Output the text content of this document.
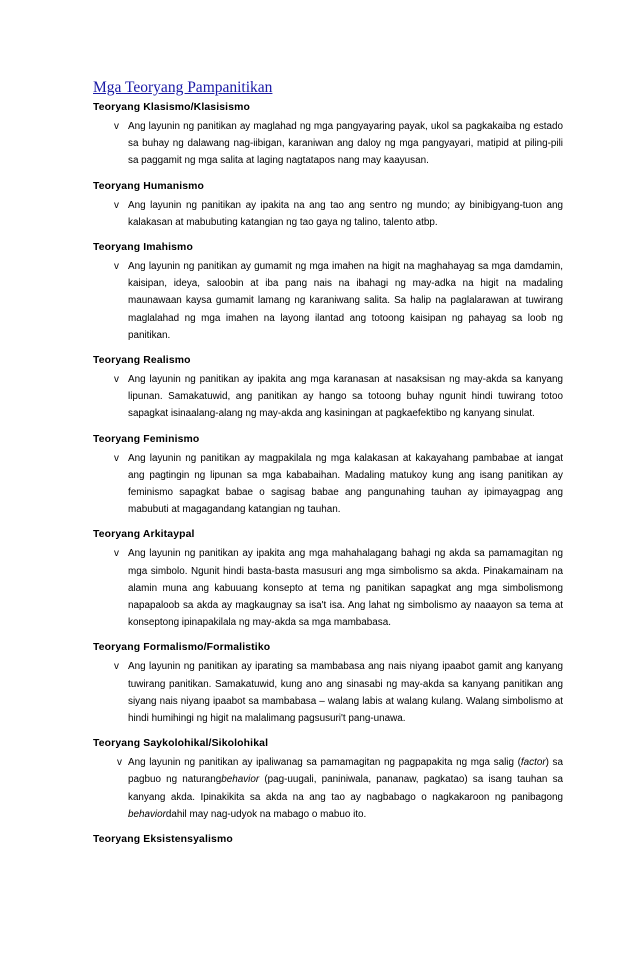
Mga Teoryang Pampanitikan
Teoryang Klasismo/Klasisismo
v Ang layunin ng panitikan ay maglahad ng mga pangyayaring payak, ukol sa pagkakaiba ng estado sa buhay ng dalawang nag-iibigan, karaniwan ang daloy ng mga pangyayari, matipid at piling-pili sa paggamit ng mga salita at laging nagtatapos nang may kaayusan.
Teoryang Humanismo
v Ang layunin ng panitikan ay ipakita na ang tao ang sentro ng mundo; ay binibigyang-tuon ang kalakasan at mabubuting katangian ng tao gaya ng talino, talento atbp.
Teoryang Imahismo
v Ang layunin ng panitikan ay gumamit ng mga imahen na higit na maghahayag sa mga damdamin, kaisipan, ideya, saloobin at iba pang nais na ibahagi ng may-adka na higit na madaling maunawaan kaysa gumamit lamang ng karaniwang salita. Sa halip na paglalarawan at tuwirang maglalahad ng mga imahen na layong ilantad ang totoong kaisipan ng pahayag sa loob ng panitikan.
Teoryang Realismo
v Ang layunin ng panitikan ay ipakita ang mga karanasan at nasaksisan ng may-akda sa kanyang lipunan. Samakatuwid, ang panitikan ay hango sa totoong buhay ngunit hindi tuwirang totoo sapagkat isinaalang-alang ng may-akda ang kasiningan at pagkaefektibo ng kanyang sinulat.
Teoryang Feminismo
v Ang layunin ng panitikan ay magpakilala ng mga kalakasan at kakayahang pambabae at iangat ang pagtingin ng lipunan sa mga kababaihan. Madaling matukoy kung ang isang panitikan ay feminismo sapagkat babae o sagisag babae ang pangunahing tauhan ay ipimayagpag ang mabubuti at magagandang katangian ng tauhan.
Teoryang Arkitaypal
v Ang layunin ng panitikan ay ipakita ang mga mahahalagang bahagi ng akda sa pamamagitan ng mga simbolo. Ngunit hindi basta-basta masusuri ang mga simbolismo sa akda. Pinakamainam na alamin muna ang kabuuang konsepto at tema ng panitikan sapagkat ang mga simbolismong napapaloob sa akda ay magkaugnay sa isa't isa. Ang lahat ng simbolismo ay naaayon sa tema at konseptong ipinapakilala ng may-akda sa mga mambabasa.
Teoryang Formalismo/Formalistiko
v Ang layunin ng panitikan ay iparating sa mambabasa ang nais niyang ipaabot gamit ang kanyang tuwirang panitikan. Samakatuwid, kung ano ang sinasabi ng may-akda sa kanyang panitikan ang siyang nais niyang ipaabot sa mambabasa – walang labis at walang kulang. Walang simbolismo at hindi humihingi ng higit na malalimang pagsusuri't pang-unawa.
Teoryang Saykolohikal/Sikolohikal
v Ang layunin ng panitikan ay ipaliwanag sa pamamagitan ng pagpapakita ng mga salig (factor) sa pagbuo ng naturangbehavior (pag-uugali, paniniwala, pananaw, pagkatao) sa isang tauhan sa kanyang akda. Ipinakikita sa akda na ang tao ay nagbabago o nagkakaroon ng panibagong behaviordahil may nag-udyok na mabago o mabuo ito.
Teoryang Eksistensyalismo
